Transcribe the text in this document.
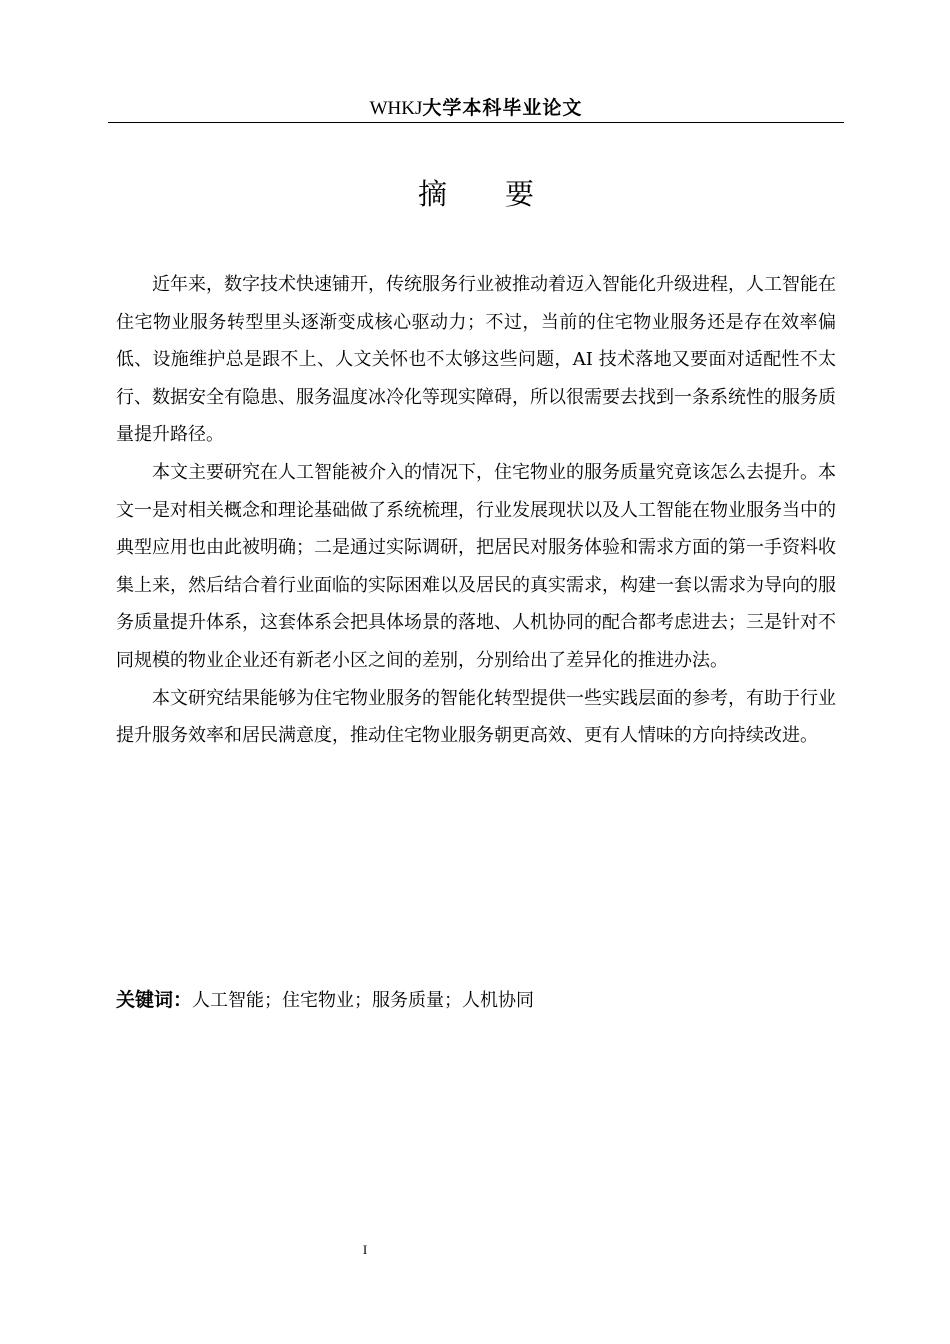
WHKJ大学本科毕业论文
摘 要

近年来，数字技术快速铺开，传统服务行业被推动着迈入智能化升级进程，人工智能在住宅物业服务转型里头逐渐变成核心驱动力；不过，当前的住宅物业服务还是存在效率偏低、设施维护总是跟不上、人文关怀也不太够这些问题，AI 技术落地又要面对适配性不太行、数据安全有隐患、服务温度冰冷化等现实障碍，所以很需要去找到一条系统性的服务质量提升路径。

本文主要研究在人工智能被介入的情况下，住宅物业的服务质量究竟该怎么去提升。本文一是对相关概念和理论基础做了系统梳理，行业发展现状以及人工智能在物业服务当中的典型应用也由此被明确；二是通过实际调研，把居民对服务体验和需求方面的第一手资料收集上来，然后结合着行业面临的实际困难以及居民的真实需求，构建一套以需求为导向的服务质量提升体系，这套体系会把具体场景的落地、人机协同的配合都考虑进去；三是针对不同规模的物业企业还有新老小区之间的差别，分别给出了差异化的推进办法。

本文研究结果能够为住宅物业服务的智能化转型提供一些实践层面的参考，有助于行业提升服务效率和居民满意度，推动住宅物业服务朝更高效、更有人情味的方向持续改进。

关键词：人工智能；住宅物业；服务质量；人机协同
I
